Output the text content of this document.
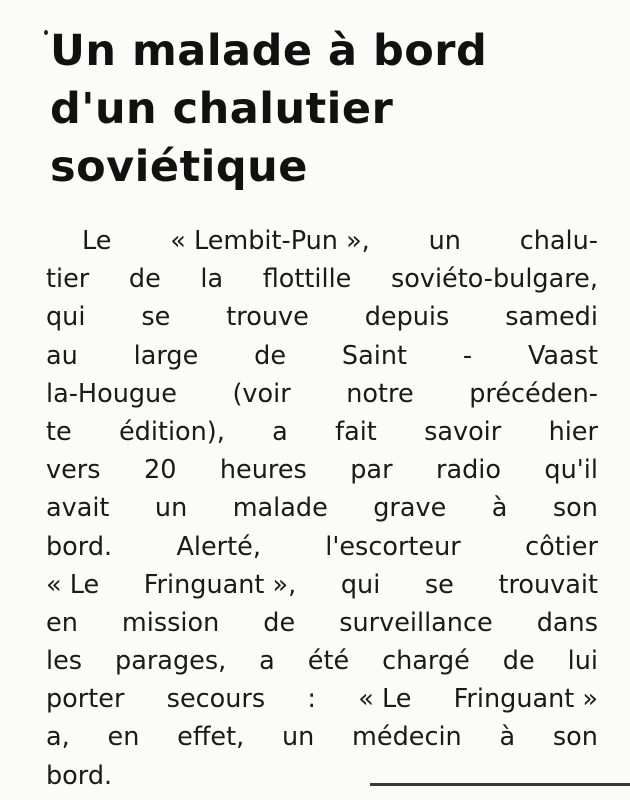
Un malade à bord
d'un chalutier
soviétique
Le « Lembit-Pun », un chalu-
tier de la flottille soviéto-bulgare,
qui se trouve depuis samedi
au large de Saint - Vaast
la-Hougue (voir notre précéden-
te édition), a fait savoir hier
vers 20 heures par radio qu'il
avait un malade grave à son
bord.	Alerté,	l'escorteur	côtier
« Le Fringuant », qui se trouvait
en mission de surveillance dans
les parages, a été chargé de lui
porter secours : « Le Fringuant »
a, en effet, un médecin à son
bord.
